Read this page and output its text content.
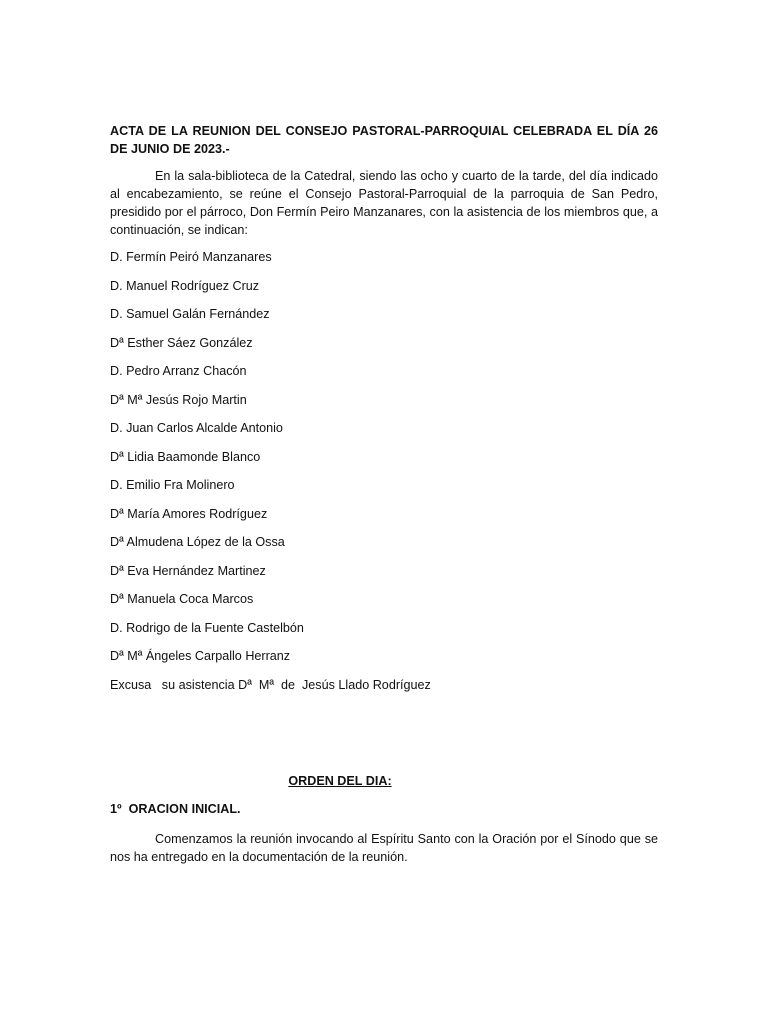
ACTA DE LA REUNION DEL CONSEJO PASTORAL-PARROQUIAL CELEBRADA EL DÍA 26 DE JUNIO DE 2023.-

En la sala-biblioteca de la Catedral, siendo las ocho y cuarto de la tarde, del día indicado al encabezamiento, se reúne el Consejo Pastoral-Parroquial de la parroquia de San Pedro, presidido por el párroco, Don Fermín Peiro Manzanares, con la asistencia de los miembros que, a continuación, se indican:

D. Fermín Peiró Manzanares
D. Manuel Rodríguez Cruz
D. Samuel Galán Fernández
Dª Esther Sáez González
D. Pedro Arranz Chacón
Dª Mª Jesús Rojo Martin
D. Juan Carlos Alcalde Antonio
Dª Lidia Baamonde Blanco
D. Emilio Fra Molinero
Dª María Amores Rodríguez
Dª Almudena López de la Ossa
Dª Eva Hernández Martinez
Dª Manuela Coca Marcos
D. Rodrigo de la Fuente Castelbón
Dª Mª Ángeles Carpallo Herranz

Excusa   su asistencia Dª  Mª  de  Jesús Llado Rodríguez

ORDEN DEL DIA:
1º  ORACION INICIAL.

Comenzamos la reunión invocando al Espíritu Santo con la Oración por el Sínodo que se nos ha entregado en la documentación de la reunión.
